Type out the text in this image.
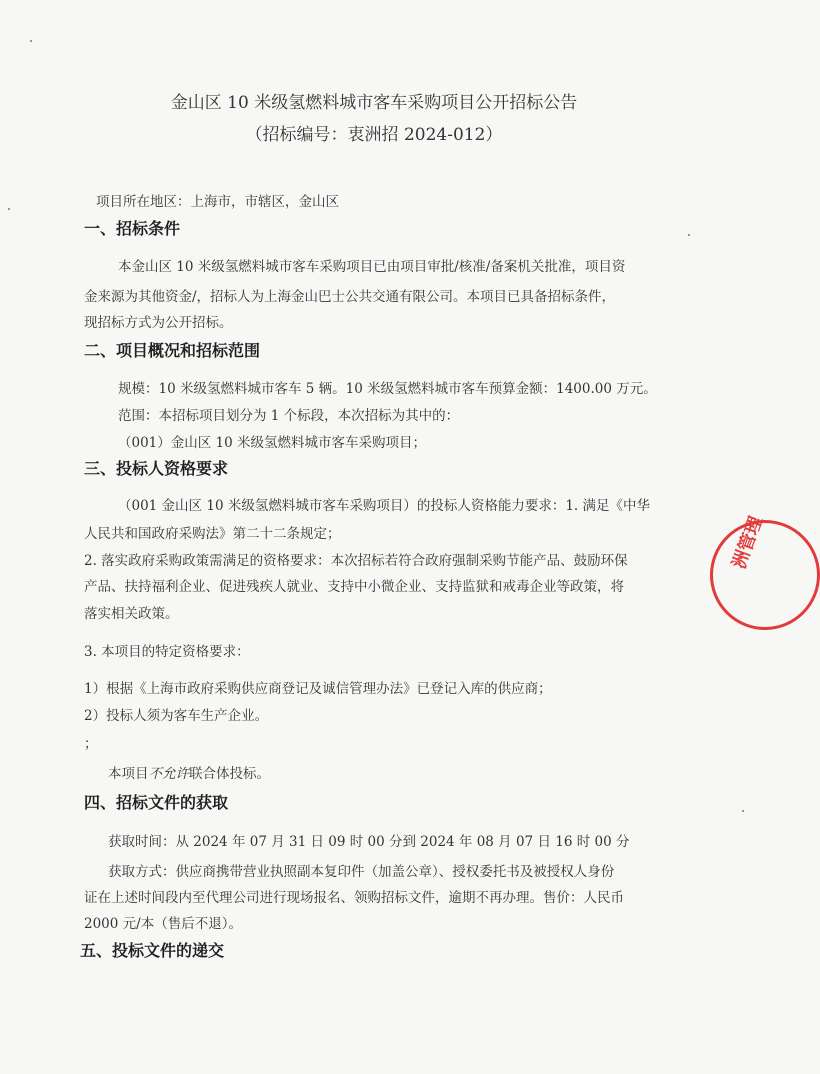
金山区 10 米级氢燃料城市客车采购项目公开招标公告
（招标编号：衷洲招 2024-012）
项目所在地区：上海市，市辖区，金山区
一、招标条件
本金山区 10 米级氢燃料城市客车采购项目已由项目审批/核准/备案机关批准，项目资
金来源为其他资金/，招标人为上海金山巴士公共交通有限公司。本项目已具备招标条件，
现招标方式为公开招标。
二、项目概况和招标范围
规模：10 米级氢燃料城市客车 5 辆。10 米级氢燃料城市客车预算金额：1400.00 万元。
范围：本招标项目划分为 1 个标段，本次招标为其中的：
（001）金山区 10 米级氢燃料城市客车采购项目；
三、投标人资格要求
（001 金山区 10 米级氢燃料城市客车采购项目）的投标人资格能力要求：1. 满足《中华
人民共和国政府采购法》第二十二条规定；
2. 落实政府采购政策需满足的资格要求：本次招标若符合政府强制采购节能产品、鼓励环保
产品、扶持福利企业、促进残疾人就业、支持中小微企业、支持监狱和戒毒企业等政策，将
落实相关政策。
3. 本项目的特定资格要求：
1）根据《上海市政府采购供应商登记及诚信管理办法》已登记入库的供应商；
2）投标人须为客车生产企业。
；
本项目不允许联合体投标。
四、招标文件的获取
获取时间：从 2024 年 07 月 31 日 09 时 00 分到 2024 年 08 月 07 日 16 时 00 分
获取方式：供应商携带营业执照副本复印件（加盖公章）、授权委托书及被授权人身份
证在上述时间段内至代理公司进行现场报名、领购招标文件，逾期不再办理。售价：人民币
2000 元/本（售后不退）。
五、投标文件的递交
洲管理
